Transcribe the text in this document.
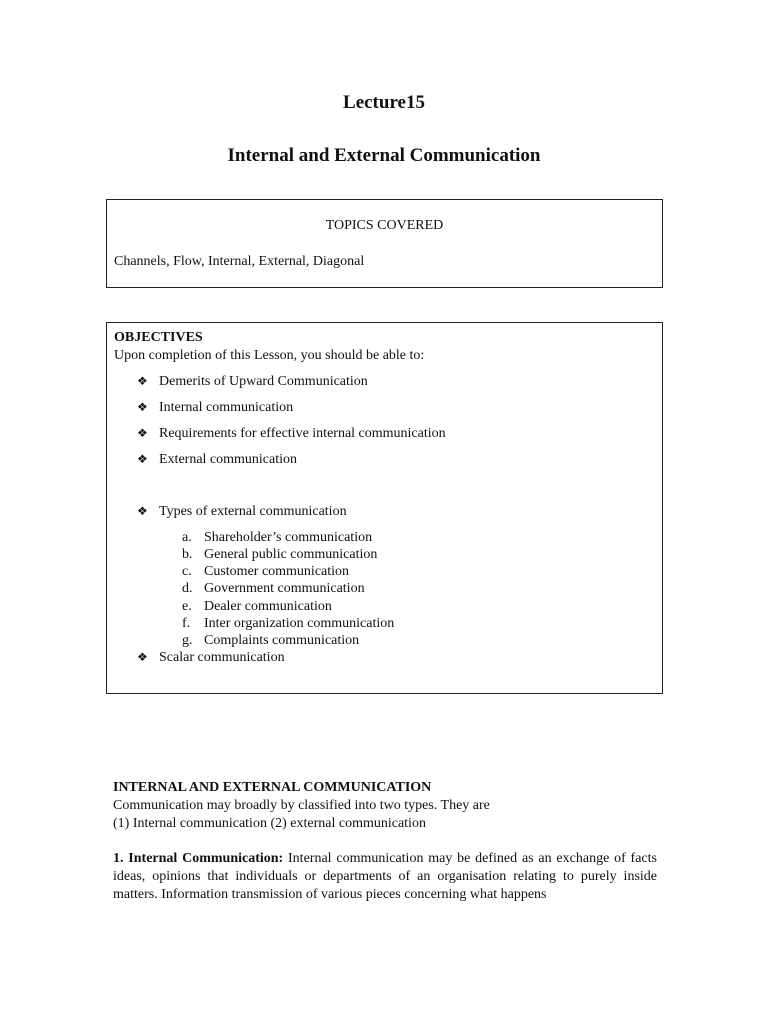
Lecture15
Internal and External Communication
TOPICS COVERED
Channels, Flow, Internal, External, Diagonal
OBJECTIVES
Upon completion of this Lesson, you should be able to:
❖ Demerits of Upward Communication
❖ Internal communication
❖ Requirements for effective internal communication
❖ External communication
❖ Types of external communication
a. Shareholder’s communication
b. General public communication
c. Customer communication
d. Government communication
e. Dealer communication
f. Inter organization communication
g. Complaints communication
❖ Scalar communication
INTERNAL AND EXTERNAL COMMUNICATION
Communication may broadly by classified into two types. They are
(1) Internal communication (2) external communication
1. Internal Communication: Internal communication may be defined as an exchange of facts ideas, opinions that individuals or departments of an organisation relating to purely inside matters. Information transmission of various pieces concerning what happens
